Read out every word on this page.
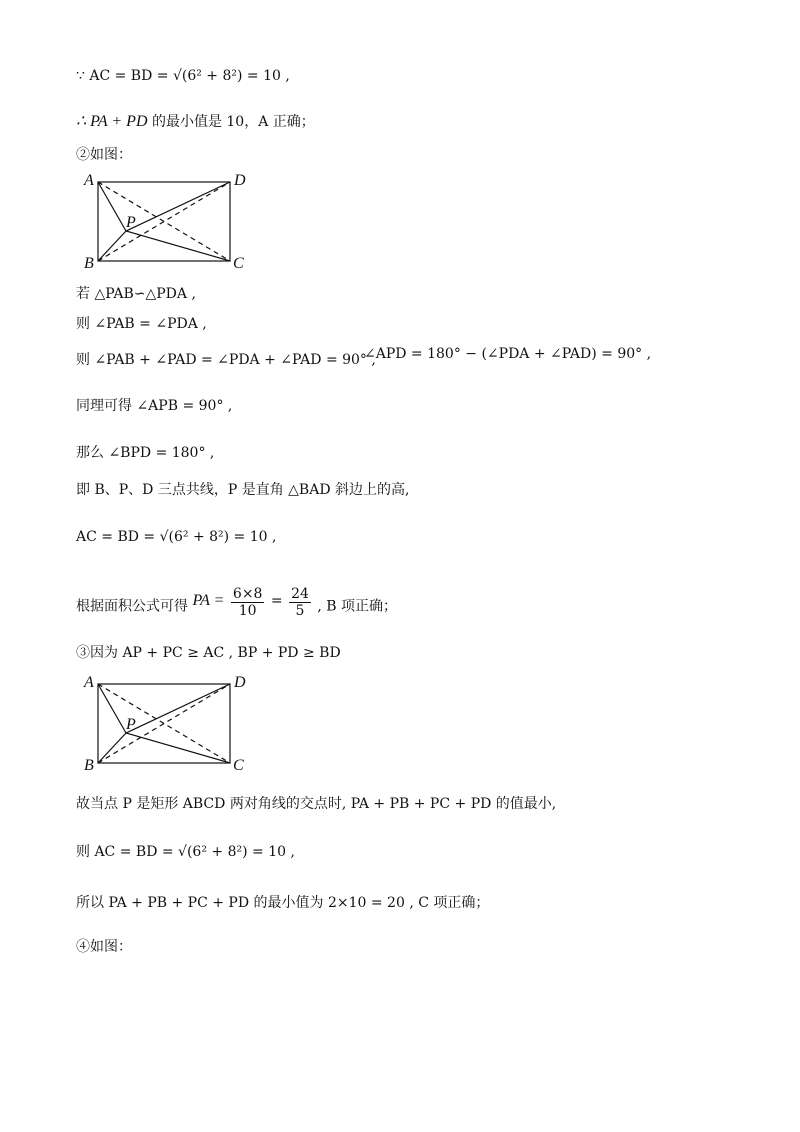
∵ AC = BD = √(6² + 8²) = 10 ,
∴ PA + PD 的最小值是 10，A 正确；
②如图：
A	D
B	C
P
若 △PAB∽△PDA ,
则 ∠PAB = ∠PDA ,
则 ∠PAB + ∠PAD = ∠PDA + ∠PAD = 90° ,
∠APD = 180° − (∠PDA + ∠PAD) = 90° ,
同理可得 ∠APB = 90° ,
那么 ∠BPD = 180° ,
即 B、P、D 三点共线，P 是直角 △BAD 斜边上的高,
AC = BD = √(6² + 8²) = 10 ,
根据面积公式可得 PA = $\frac{6\times 8}{10} = \frac{24}{5}$ , B 项正确；
③因为 AP + PC ≥ AC , BP + PD ≥ BD
A	D
B	C
P
故当点 P 是矩形 ABCD 两对角线的交点时, PA + PB + PC + PD 的值最小,
则 AC = BD = √(6² + 8²) = 10 ,
所以 PA + PB + PC + PD 的最小值为 2×10 = 20 , C 项正确；
④如图：
